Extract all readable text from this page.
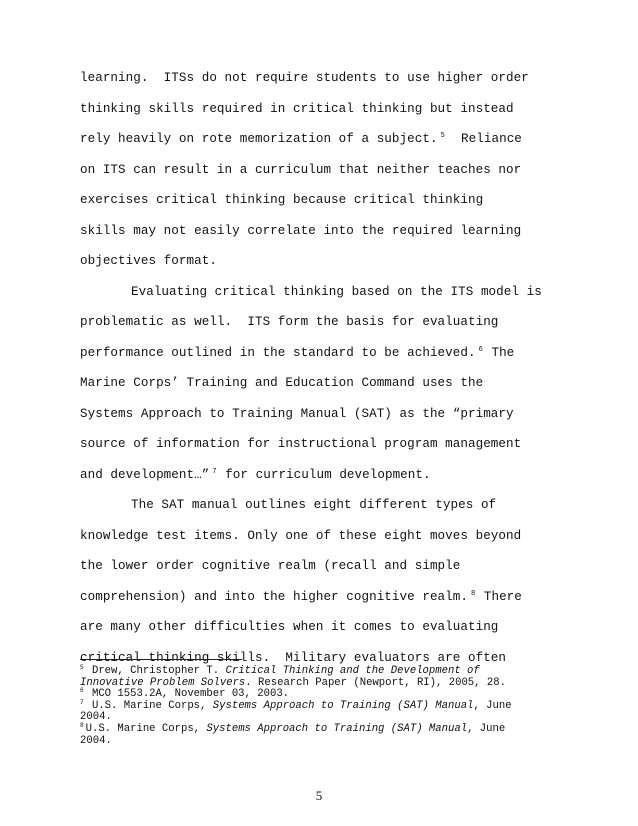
learning.  ITSs do not require students to use higher order
thinking skills required in critical thinking but instead
rely heavily on rote memorization of a subject. $^5$  Reliance
on ITS can result in a curriculum that neither teaches nor
exercises critical thinking because critical thinking
skills may not easily correlate into the required learning
objectives format.
Evaluating critical thinking based on the ITS model is
problematic as well.  ITS form the basis for evaluating
performance outlined in the standard to be achieved. $^6$ The
Marine Corps’ Training and Education Command uses the
Systems Approach to Training Manual (SAT) as the “primary
source of information for instructional program management
and development…” $^7$ for curriculum development.
The SAT manual outlines eight different types of
knowledge test items. Only one of these eight moves beyond
the lower order cognitive realm (recall and simple
comprehension) and into the higher cognitive realm. $^8$ There
are many other difficulties when it comes to evaluating
critical thinking skills.  Military evaluators are often
$^5$ Drew, Christopher T. Critical Thinking and the Development of
Innovative Problem Solvers. Research Paper (Newport, RI), 2005, 28.
$^6$ MCO 1553.2A, November 03, 2003.
$^7$ U.S. Marine Corps, Systems Approach to Training (SAT) Manual, June
2004.
$^8$ U.S. Marine Corps, Systems Approach to Training (SAT) Manual, June
2004.
5
